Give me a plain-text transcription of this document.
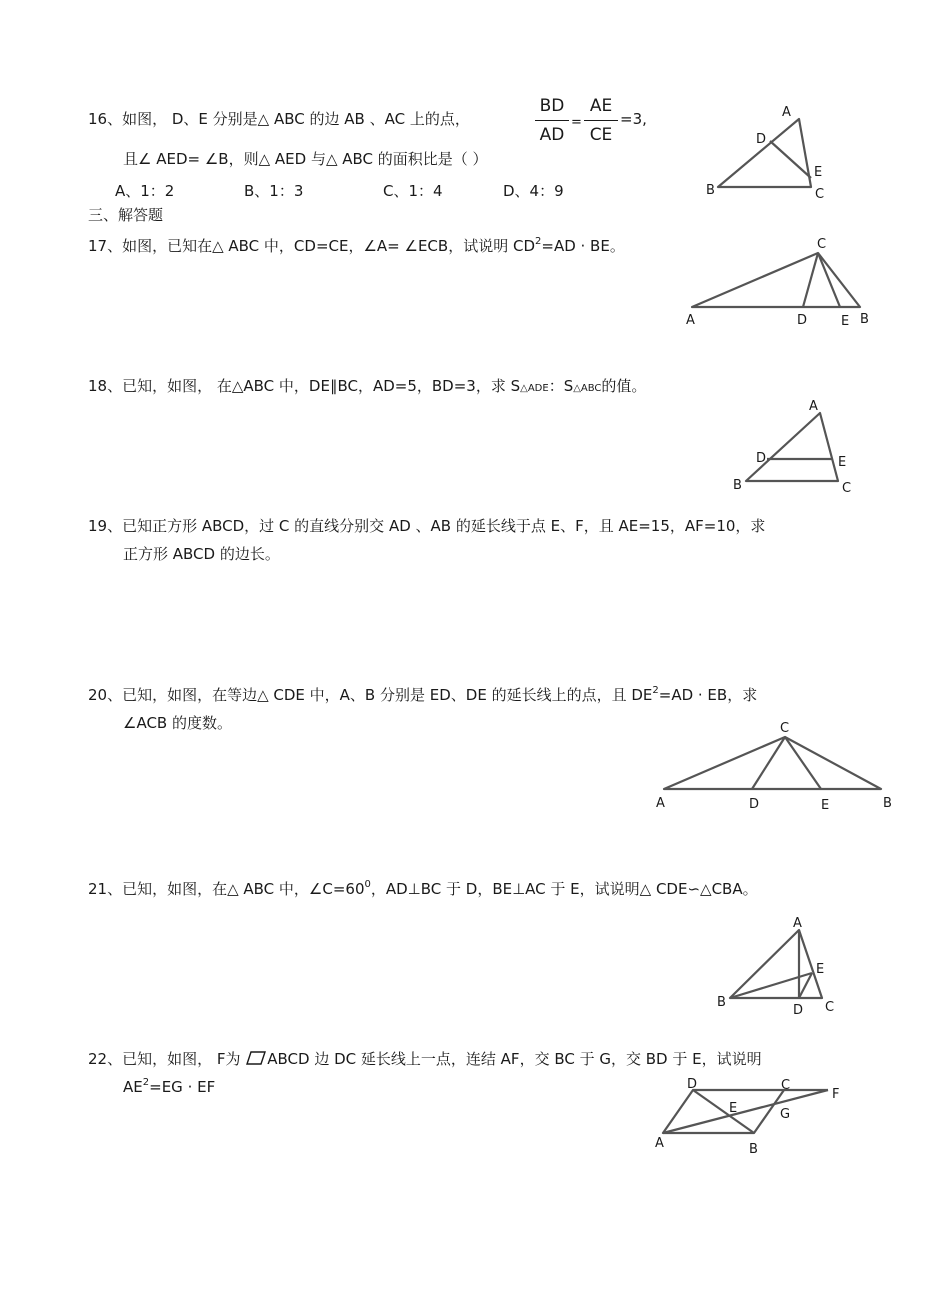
16、如图， D、E 分别是△ ABC 的边 AB 、AC 上的点，
BD
AD
=
AE
CE
=3,
且∠ AED= ∠B，则△ AED 与△ ABC 的面积比是（ ）
A、1：2	B、1：3	C、1：4	D、4：9
A
D
E
B	C
三、解答题
17、如图，已知在△ ABC 中，CD=CE，∠A= ∠ECB，试说明 $CD^2=AD$ · BE。	C
A	D	E B
18、已知，如图， 在△ABC 中，DE∥BC，AD=5，BD=3，求 S△ADE：S△ABC的值。
A
D	E
B	C
19、已知正方形 ABCD，过 C 的直线分别交 AD 、AB 的延长线于点 E、F，且 AE=15，AF=10，求
正方形 ABCD 的边长。
20、已知，如图，在等边△ CDE 中，A、B 分别是 ED、DE 的延长线上的点，且 $DE^2=AD$ · EB，求
∠ACB 的度数。	C
A	D	E	B
21、已知，如图，在△ ABC 中，$\angle C=60^0$，AD⊥BC 于 D，BE⊥AC 于 E，试说明△ CDE∽△CBA。
A
E
B
D C
22、已知，如图， F为 ABCD 边 DC 延长线上一点，连结 AF，交 BC 于 G，交 BD 于 E，试说明
$AE^2=EG$ · EF	D	C
F
E	G
A	B
